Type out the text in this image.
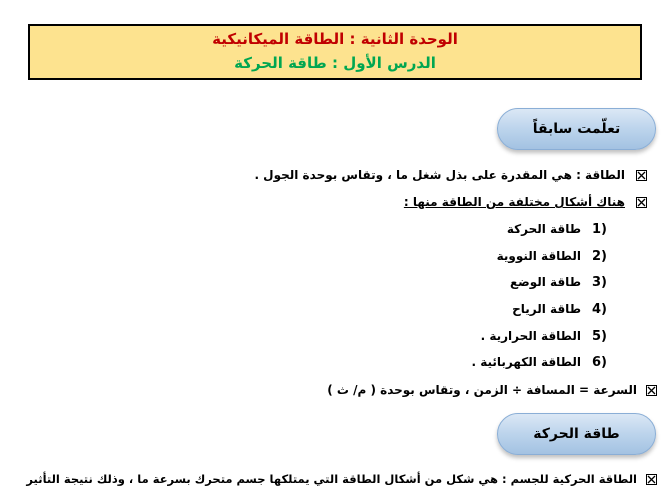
الوحدة الثانية : الطاقة الميكانيكية
الدرس الأول : طاقة الحركة
تعلّمت سابقاً
الطاقة : هي المقدرة على بذل شغل ما ، وتقاس بوحدة الجول .
هناك أشكال مختلفة من الطاقة منها :
1)
طاقة الحركة
2)
الطاقة النووية
3)
طاقة الوضع
4)
طاقة الرياح
5)
الطاقة الحرارية .
6)
الطاقة الكهربائية .
السرعة = المسافة ÷ الزمن ، وتقاس بوحدة ( م/ ث )
طاقة الحركة
الطاقة الحركية للجسم : هي شكل من أشكال الطاقة التي يمتلكها جسم متحرك بسرعة ما ، وذلك نتيجة التأثير
